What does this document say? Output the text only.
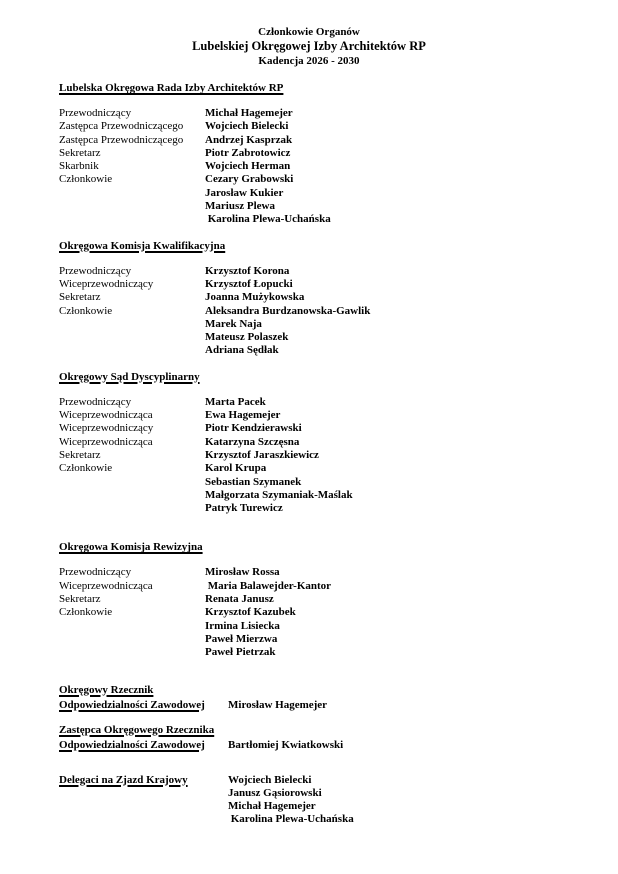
Członkowie Organów
Lubelskiej Okręgowej Izby Architektów RP
Kadencja 2026 - 2030
Lubelska Okręgowa Rada Izby Architektów RP
Przewodniczący	Michał Hagemejer
Zastępca Przewodniczącego	Wojciech Bielecki
Zastępca Przewodniczącego	Andrzej Kasprzak
Sekretarz	Piotr Zabrotowicz
Skarbnik	Wojciech Herman
Członkowie	Cezary Grabowski
Jarosław Kukier
Mariusz Plewa
Karolina Plewa-Uchańska
Okręgowa Komisja Kwalifikacyjna
Przewodniczący	Krzysztof Korona
Wiceprzewodniczący	Krzysztof Łopucki
Sekretarz	Joanna Mużykowska
Członkowie	Aleksandra Burdzanowska-Gawlik
Marek Naja
Mateusz Polaszek
Adriana Sędłak
Okręgowy Sąd Dyscyplinarny
Przewodniczący	Marta Pacek
Wiceprzewodnicząca	Ewa Hagemejer
Wiceprzewodniczący	Piotr Kendzierawski
Wiceprzewodnicząca	Katarzyna Szczęsna
Sekretarz	Krzysztof Jaraszkiewicz
Członkowie	Karol Krupa
Sebastian Szymanek
Małgorzata Szymaniak-Maślak
Patryk Turewicz
Okręgowa Komisja Rewizyjna
Przewodniczący	Mirosław Rossa
Wiceprzewodnicząca	Maria Balawejder-Kantor
Sekretarz	Renata Janusz
Członkowie	Krzysztof Kazubek
Irmina Lisiecka
Paweł Mierzwa
Paweł Pietrzak
Okręgowy Rzecznik
Odpowiedzialności Zawodowej	Mirosław Hagemejer
Zastępca Okręgowego Rzecznika
Odpowiedzialności Zawodowej	Bartłomiej Kwiatkowski
Delegaci na Zjazd Krajowy	Wojciech Bielecki
Janusz Gąsiorowski
Michał Hagemejer
Karolina Plewa-Uchańska
